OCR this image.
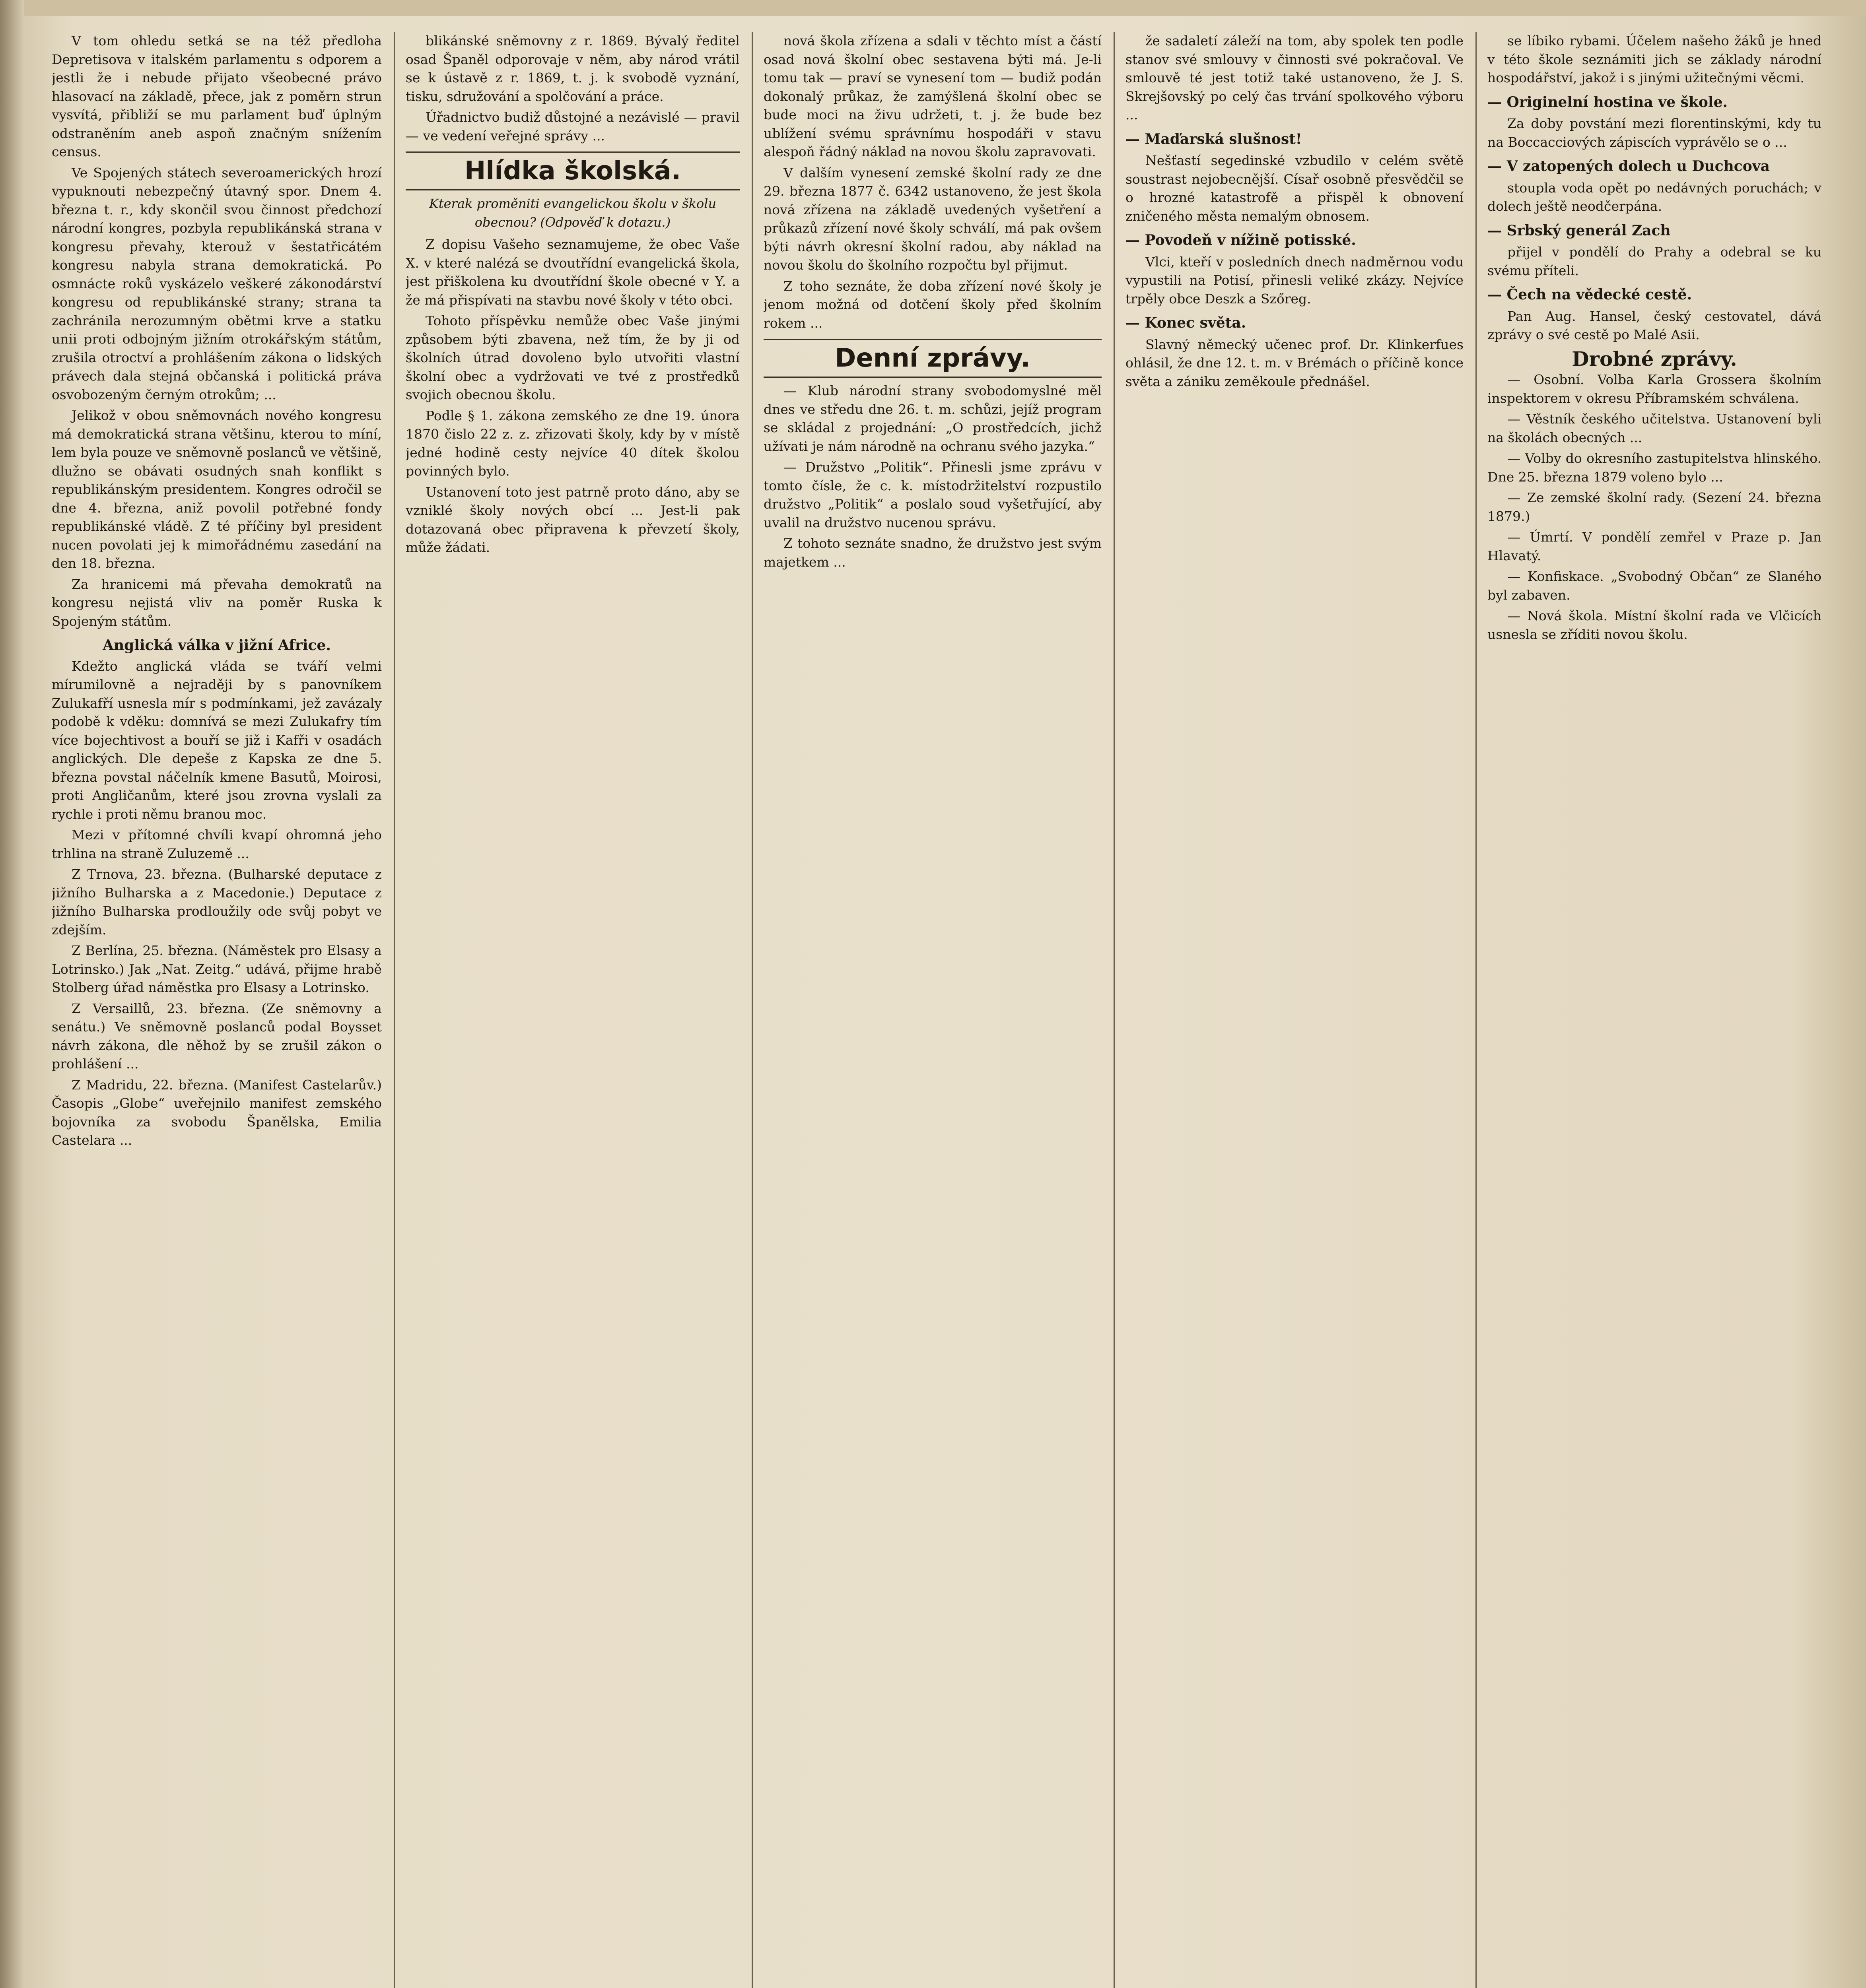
V tom ohledu setká se na též předloha Depretisova v italském parlamentu s odporem a jestli že i nebude přijato všeobecné právo hlasovací na základě, přece, jak z poměrn strun vysvítá, přibliží se mu parlament buď úplným odstraněním aneb aspoň značným snížením census.

Ve Spojených státech severoamerických hrozí vypuknouti nebezpečný útavný spor. Dnem 4. března t. r., kdy skončil svou činnost předchozí národní kongres, pozbyla republikánská strana v kongresu převahy, kterouž v šestatřicátém kongresu nabyla strana demokratická. Po osmnácte roků vyskázelo veškeré zákonodárství kongresu od republikánské strany; strana ta zachránila nerozumným obětmi krve a statku unii proti odbojným jižním otrokářským státům, zrušila otroctví a prohlášením zákona o lidských právech dala stejná občanská i politická práva osvobozeným černým otrokům; ...

Jelikož v obou sněmovnách nového kongresu má demokratická strana většinu, kterou to míní, lem byla pouze ve sněmovně poslanců ve většině, dlužno se obávati osudných snah konflikt s republikánským presidentem. Kongres odročil se dne 4. března, aniž povolil potřebné fondy republikánské vládě. Z té příčiny byl president nucen povolati jej k mimořádnému zasedání na den 18. března.

Za hranicemi má převaha demokratů na kongresu nejistá vliv na poměr Ruska k Spojeným státům.

Anglická válka v jižní Africe.

Kdežto anglická vláda se tváří velmi mírumilovně a nejraději by s panovníkem Zulukafří usnesla mír s podmínkami, jež zavázaly podobě k vděku: domnívá se mezi Zulukafry tím více bojechtivost a bouří se již i Kafři v osadách anglických. Dle depeše z Kapska ze dne 5. března povstal náčelník kmene Basutů, Moirosi, proti Angličanům, které jsou zrovna vyslali za rychle i proti němu branou moc.

Mezi v přítomné chvíli kvapí ohromná jeho trhlina na straně Zuluzemě ...

Z Trnova, 23. března. (Bulharské deputace z jižního Bulharska a z Macedonie.) Deputace z jižního Bulharska prodloužily ode svůj pobyt ve zdejším.

Z Berlína, 25. března. (Náměstek pro Elsasy a Lotrinsko.) Jak „Nat. Zeitg.“ udává, přijme hrabě Stolberg úřad náměstka pro Elsasy a Lotrinsko.

Z Versaillů, 23. března. (Ze sněmovny a senátu.) Ve sněmovně poslanců podal Boysset návrh zákona, dle něhož by se zrušil zákon o prohlášení ...

Z Madridu, 22. března. (Manifest Castelarův.) Časopis „Globe“ uveřejnilo manifest zemského bojovníka za svobodu Španělska, Emilia Castelara ...

blikánské sněmovny z r. 1869. Bývalý ředitel osad Španěl odporovaje v něm, aby národ vrátil se k ústavě z r. 1869, t. j. k svobodě vyznání, tisku, sdružování a spolčování a práce.

Úřadnictvo budiž důstojné a nezávislé — pravil — ve vedení veřejné správy ...

Hlídka školská.
Kterak proměniti evangelickou školu v školu obecnou? (Odpověď k dotazu.)

Z dopisu Vašeho seznamujeme, že obec Vaše X. v které nalézá se dvoutřídní evangelická škola, jest přiškolena ku dvoutřídní škole obecné v Y. a že má přispívati na stavbu nové školy v této obci.

Tohoto příspěvku nemůže obec Vaše jinými způsobem býti zbavena, než tím, že by ji od školních útrad dovoleno bylo utvořiti vlastní školní obec a vydržovati ve tvé z prostředků svojich obecnou školu.

Podle § 1. zákona zemského ze dne 19. února 1870 čislo 22 z. z. zřizovati školy, kdy by v místě jedné hodině cesty nejvíce 40 dítek školou povinných bylo.

Ustanovení toto jest patrně proto dáno, aby se vzniklé školy nových obcí ... Jest-li pak dotazovaná obec připravena k převzetí školy, může žádati.

nová škola zřízena a sdali v těchto míst a částí osad nová školní obec sestavena býti má. Je-li tomu tak — praví se vynesení tom — budiž podán dokonalý průkaz, že zamýšlená školní obec se bude moci na živu udržeti, t. j. že bude bez ublížení svému správnímu hospodáři v stavu alespoň řádný náklad na novou školu zapravovati.

V dalším vynesení zemské školní rady ze dne 29. března 1877 č. 6342 ustanoveno, že jest škola nová zřízena na základě uvedených vyšetření a průkazů zřízení nové školy schválí, má pak ovšem býti návrh okresní školní radou, aby náklad na novou školu do školního rozpočtu byl přijmut.

Z toho seznáte, že doba zřízení nové školy je jenom možná od dotčení školy před školním rokem ...

Denní zprávy.

— Klub národní strany svobodomyslné měl dnes ve středu dne 26. t. m. schůzi, jejíž program se skládal z projednání: „O prostředcích, jichž užívati je nám národně na ochranu svého jazyka.“

— Družstvo „Politik“. Přinesli jsme zprávu v tomto čísle, že c. k. místodržitelství rozpustilo družstvo „Politik“ a poslalo soud vyšetřující, aby uvalil na družstvo nucenou správu.

Z tohoto seznáte snadno, že družstvo jest svým majetkem ...

že sadaletí záleží na tom, aby spolek ten podle stanov své smlouvy v činnosti své pokračoval. Ve smlouvě té jest totiž také ustanoveno, že J. S. Skrejšovský po celý čas trvání spolkového výboru ...

— Maďarská slušnost!

Nešťastí segedinské vzbudilo v celém světě soustrast nejobecnější. Císař osobně přesvědčil se o hrozné katastrofě a přispěl k obnovení zničeného města nemalým obnosem.

— Povodeň v nížině potisské.

Vlci, kteří v posledních dnech nadměrnou vodu vypustili na Potisí, přinesli veliké zkázy. Nejvíce trpěly obce Deszk a Szőreg.

— Konec světa.

Slavný německý učenec prof. Dr. Klinkerfues ohlásil, že dne 12. t. m. v Brémách o příčině konce světa a zániku zeměkoule přednášel.

se líbiko rybami. Účelem našeho žáků je hned v této škole seznámiti jich se základy národní hospodářství, jakož i s jinými užitečnými věcmi.

— Originelní hostina ve škole.

Za doby povstání mezi florentinskými, kdy tu na Boccacciových zápiscích vyprávělo se o ...

— V zatopených dolech u Duchcova

stoupla voda opět po nedávných poruchách; v dolech ještě neodčerpána.

— Srbský generál Zach

přijel v pondělí do Prahy a odebral se ku svému příteli.

— Čech na vědecké cestě.

Pan Aug. Hansel, český cestovatel, dává zprávy o své cestě po Malé Asii.

Drobné zprávy.

— Osobní. Volba Karla Grossera školním inspektorem v okresu Příbramském schválena.

— Věstník českého učitelstva. Ustanovení byli na školách obecných ...

— Volby do okresního zastupitelstva hlinského. Dne 25. března 1879 voleno bylo ...

— Ze zemské školní rady. (Sezení 24. března 1879.)

— Úmrtí. V pondělí zemřel v Praze p. Jan Hlavatý.

— Konfiskace. „Svobodný Občan“ ze Slaného byl zabaven.

— Nová škola. Místní školní rada ve Vlčicích usnesla se zříditi novou školu.
